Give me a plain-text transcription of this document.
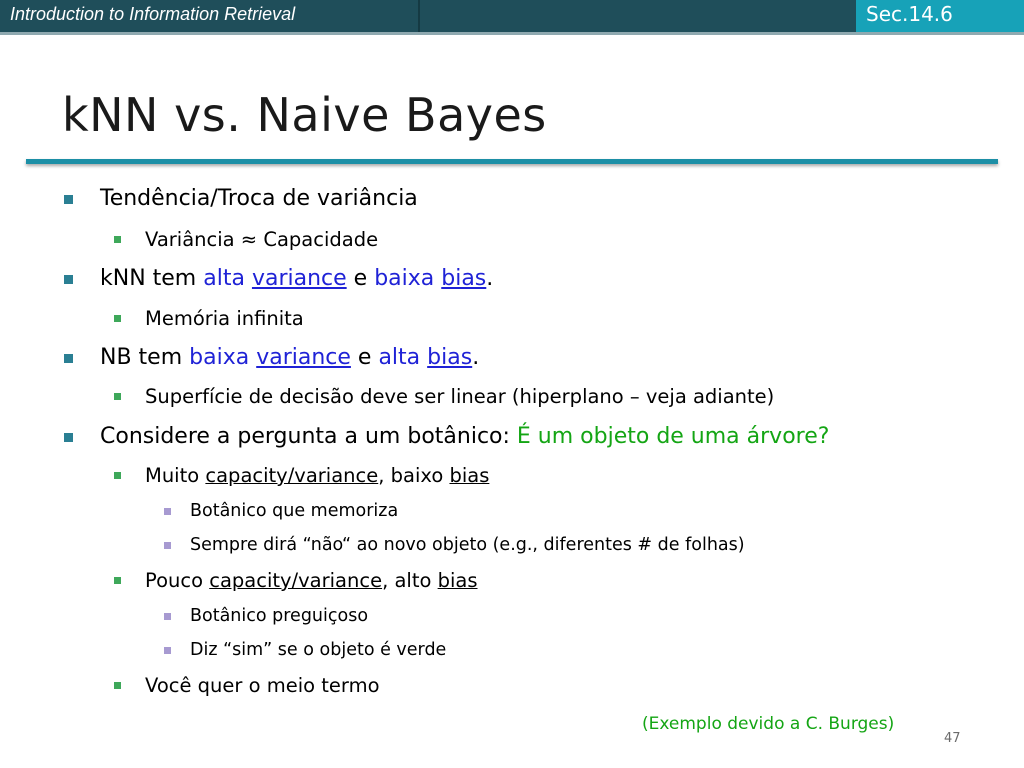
Introduction to Information Retrieval	Sec.14.6
kNN vs. Naive Bayes
Tendência/Troca de variância
Variância ≈ Capacidade
kNN tem alta variance e baixa bias.
Memória infinita
NB tem baixa variance e alta bias.
Superfície de decisão deve ser linear (hiperplano – veja adiante)
Considere a pergunta a um botânico: É um objeto de uma árvore?
Muito capacity/variance, baixo bias
Botânico que memoriza
Sempre dirá “não“ ao novo objeto (e.g., diferentes # de folhas)
Pouco capacity/variance, alto bias
Botânico preguiçoso
Diz “sim” se o objeto é verde
Você quer o meio termo
(Exemplo devido a C. Burges)
47
